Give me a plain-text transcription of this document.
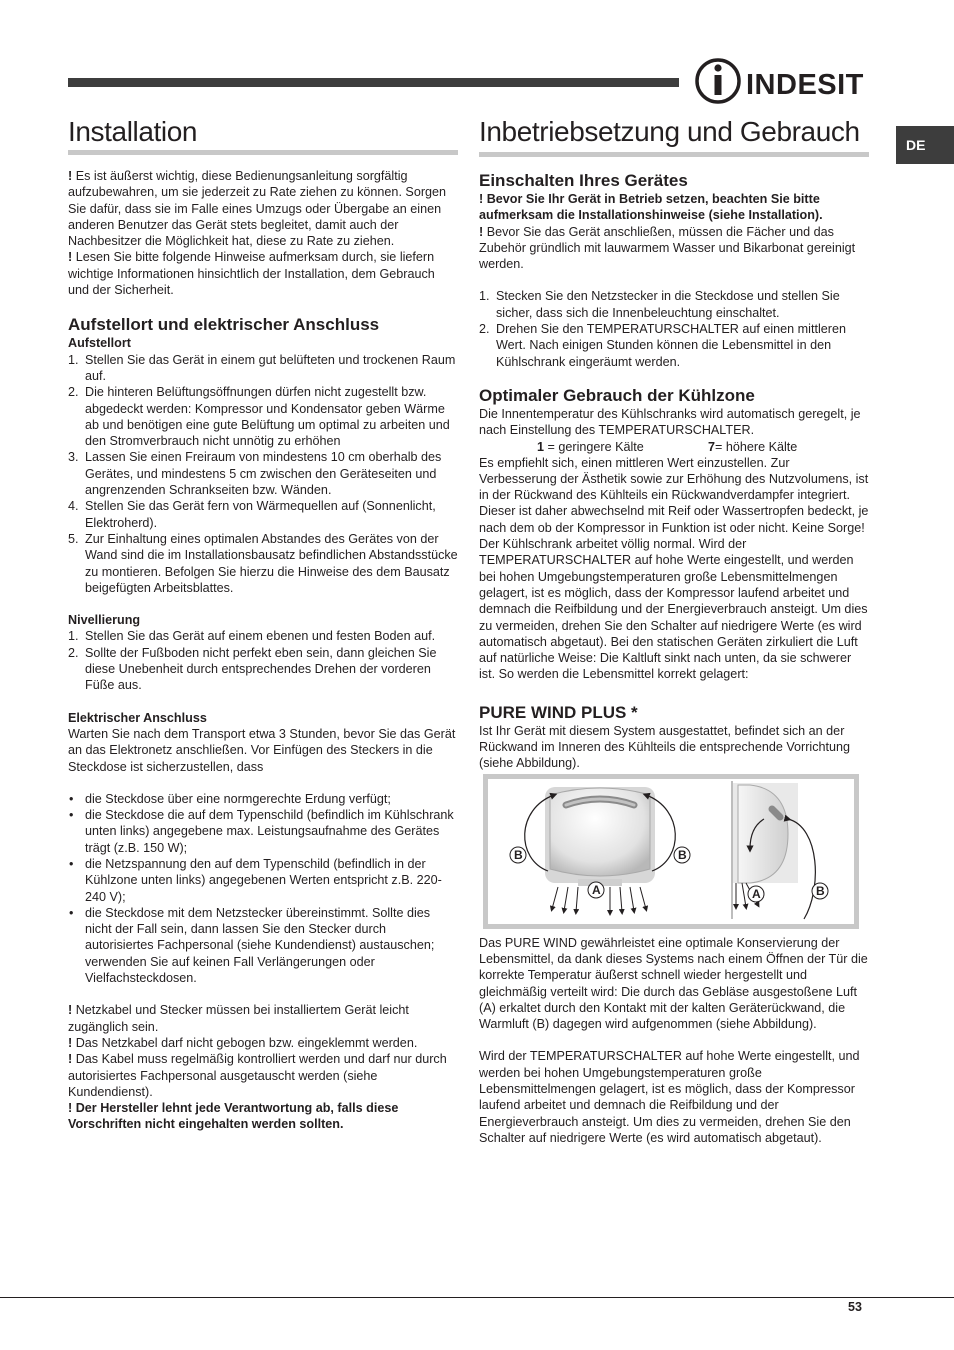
INDESIT
DE
Installation

! Es ist äußerst wichtig, diese Bedienungsanleitung sorgfältig aufzubewahren, um sie jederzeit zu Rate ziehen zu können. Sorgen Sie dafür, dass sie im Falle eines Umzugs oder Übergabe an einen anderen Benutzer das Gerät stets begleitet, damit auch der Nachbesitzer die Möglichkeit hat, diese zu Rate zu ziehen.

! Lesen Sie bitte folgende Hinweise aufmerksam durch, sie liefern wichtige Informationen hinsichtlich der Installation, dem Gebrauch und der Sicherheit.

Aufstellort und elektrischer Anschluss

Aufstellort

1. Stellen Sie das Gerät in einem gut belüfteten und trockenen Raum auf.
2. Die hinteren Belüftungsöffnungen dürfen nicht zugestellt bzw. abgedeckt werden: Kompressor und Kondensator geben Wärme ab und benötigen eine gute Belüftung um optimal zu arbeiten und den Stromverbrauch nicht unnötig zu erhöhen
3. Lassen Sie einen Freiraum von mindestens 10 cm oberhalb des Gerätes, und mindestens 5 cm zwischen den Geräteseiten und angrenzenden Schrankseiten bzw. Wänden.
4. Stellen Sie das Gerät fern von Wärmequellen auf (Sonnenlicht, Elektroherd).
5. Zur Einhaltung eines optimalen Abstandes des Gerätes von der Wand sind die im Installationsbausatz befindlichen Abstandsstücke zu montieren. Befolgen Sie hierzu die Hinweise des dem Bausatz beigefügten Arbeitsblattes.

Nivellierung

1. Stellen Sie das Gerät auf einem ebenen und festen Boden auf.
2. Sollte der Fußboden nicht perfekt eben sein, dann gleichen Sie diese Unebenheit durch entsprechendes Drehen der vorderen Füße aus.

Elektrischer Anschluss

Warten Sie nach dem Transport etwa 3 Stunden, bevor Sie das Gerät an das Elektronetz anschließen. Vor Einfügen des Steckers in die Steckdose ist sicherzustellen, dass

• die Steckdose über eine normgerechte Erdung verfügt;
• die Steckdose die auf dem Typenschild (befindlich im Kühlschrank unten links) angegebene max. Leistungsaufnahme des Gerätes trägt (z.B. 150 W);
• die Netzspannung den auf dem Typenschild (befindlich in der Kühlzone unten links) angegebenen Werten entspricht z.B. 220-240 V);
• die Steckdose mit dem Netzstecker übereinstimmt. Sollte dies nicht der Fall sein, dann lassen Sie den Stecker durch autorisiertes Fachpersonal (siehe Kundendienst) austauschen; verwenden Sie auf keinen Fall Verlängerungen oder Vielfachsteckdosen.

! Netzkabel und Stecker müssen bei installiertem Gerät leicht zugänglich sein.

! Das Netzkabel darf nicht gebogen bzw. eingeklemmt werden.

! Das Kabel muss regelmäßig kontrolliert werden und darf nur durch autorisiertes Fachpersonal ausgetauscht werden (siehe Kundendienst).

! Der Hersteller lehnt jede Verantwortung ab, falls diese Vorschriften nicht eingehalten werden sollten.

Inbetriebsetzung und Gebrauch
Einschalten Ihres Gerätes

! Bevor Sie Ihr Gerät in Betrieb setzen, beachten Sie bitte aufmerksam die Installationshinweise (siehe Installation).

! Bevor Sie das Gerät anschließen, müssen die Fächer und das Zubehör gründlich mit lauwarmem Wasser und Bikarbonat gereinigt werden.

1. Stecken Sie den Netzstecker in die Steckdose und stellen Sie sicher, dass sich die Innenbeleuchtung einschaltet.
2. Drehen Sie den TEMPERATURSCHALTER auf einen mittleren Wert. Nach einigen Stunden können die Lebensmittel in den Kühlschrank eingeräumt werden.
Optimaler Gebrauch der Kühlzone

Die Innentemperatur des Kühlschranks wird automatisch geregelt, je nach Einstellung des TEMPERATURSCHALTER.

1 = geringere Kälte	7= höhere Kälte

Es empfiehlt sich, einen mittleren Wert einzustellen. Zur Verbesserung der Ästhetik sowie zur Erhöhung des Nutzvolumens, ist in der Rückwand des Kühlteils ein Rückwandverdampfer integriert. Dieser ist daher abwechselnd mit Reif oder Wassertropfen bedeckt, je nach dem ob der Kompressor in Funktion ist oder nicht. Keine Sorge! Der Kühlschrank arbeitet völlig normal. Wird der TEMPERATURSCHALTER auf hohe Werte eingestellt, und werden bei hohen Umgebungstemperaturen große Lebensmittelmengen gelagert, ist es möglich, dass der Kompressor laufend arbeitet und demnach die Reifbildung und der Energieverbrauch ansteigt. Um dies zu vermeiden, drehen Sie den Schalter auf niedrigere Werte (es wird automatisch abgetaut). Bei den statischen Geräten zirkuliert die Luft auf natürliche Weise: Die Kaltluft sinkt nach unten, da sie schwerer ist. So werden die Lebensmittel korrekt gelagert:

PURE WIND PLUS *

Ist Ihr Gerät mit diesem System ausgestattet, befindet sich an der Rückwand im Inneren des Kühlteils die entsprechende Vorrichtung (siehe Abbildung).

B	B
A	A	B

Das PURE WIND gewährleistet eine optimale Konservierung der Lebensmittel, da dank dieses Systems nach einem Öffnen der Tür die korrekte Temperatur äußerst schnell wieder hergestellt und gleichmäßig verteilt wird: Die durch das Gebläse ausgestoßene Luft (A) erkaltet durch den Kontakt mit der kalten Geräterückwand, die Warmluft (B) dagegen wird aufgenommen (siehe Abbildung).

Wird der TEMPERATURSCHALTER auf hohe Werte eingestellt, und werden bei hohen Umgebungstemperaturen große Lebensmittelmengen gelagert, ist es möglich, dass der Kompressor laufend arbeitet und demnach die Reifbildung und der Energieverbrauch ansteigt. Um dies zu vermeiden, drehen Sie den Schalter auf niedrigere Werte (es wird automatisch abgetaut).

53
